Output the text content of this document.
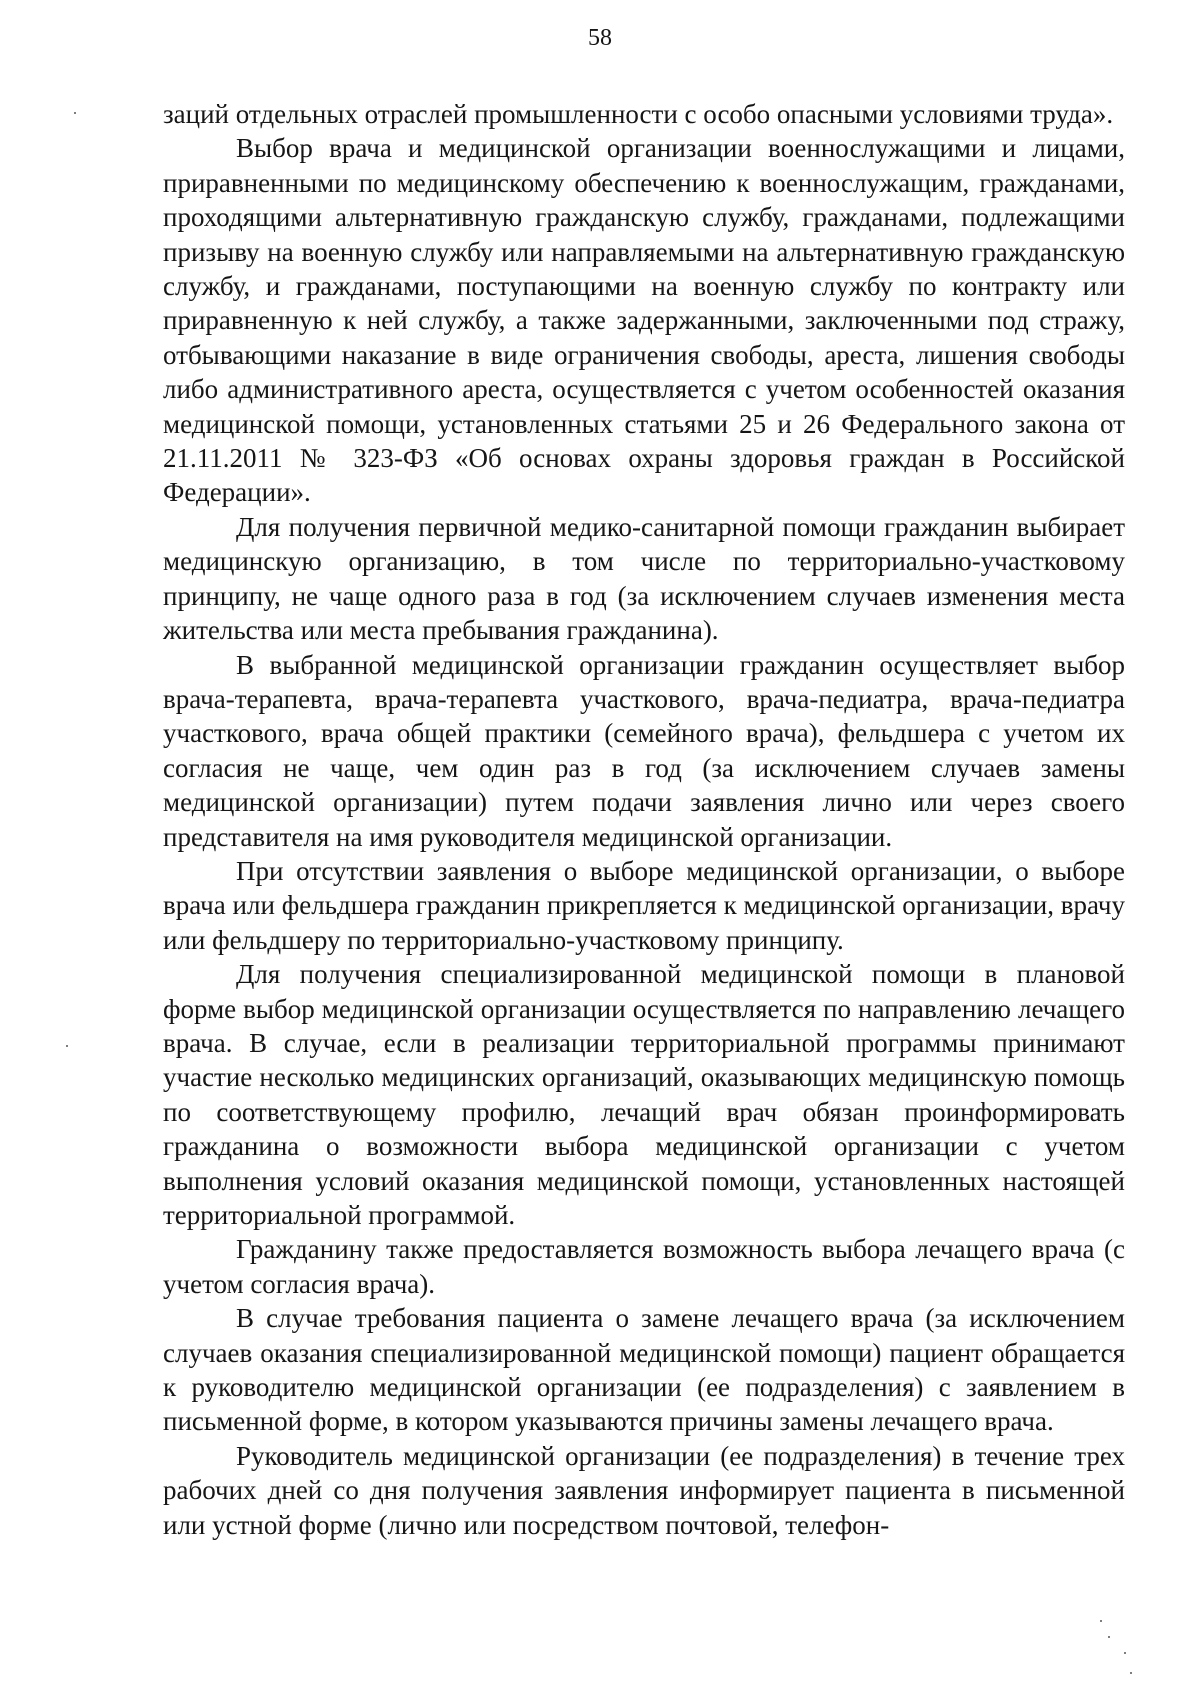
58

заций отдельных отраслей промышленности с особо опасными условиями труда».

Выбор врача и медицинской организации военнослужащими и лицами, приравненными по медицинскому обеспечению к военнослужащим, гражданами, проходящими альтернативную гражданскую службу, гражданами, подлежащими призыву на военную службу или направляемыми на альтернативную гражданскую службу, и гражданами, поступающими на военную службу по контракту или приравненную к ней службу, а также задержанными, заключенными под стражу, отбывающими наказание в виде ограничения свободы, ареста, лишения свободы либо административного ареста, осуществляется с учетом особенностей оказания медицинской помощи, установленных статьями 25 и 26 Федерального закона от 21.11.2011 № 323-ФЗ «Об основах охраны здоровья граждан в Российской Федерации».

Для получения первичной медико-санитарной помощи гражданин выбирает медицинскую организацию, в том числе по территориально-участковому принципу, не чаще одного раза в год (за исключением случаев изменения места жительства или места пребывания гражданина).

В выбранной медицинской организации гражданин осуществляет выбор врача-терапевта, врача-терапевта участкового, врача-педиатра, врача-педиатра участкового, врача общей практики (семейного врача), фельдшера с учетом их согласия не чаще, чем один раз в год (за исключением случаев замены медицинской организации) путем подачи заявления лично или через своего представителя на имя руководителя медицинской организации.

При отсутствии заявления о выборе медицинской организации, о выборе врача или фельдшера гражданин прикрепляется к медицинской организации, врачу или фельдшеру по территориально-участковому принципу.

Для получения специализированной медицинской помощи в плановой форме выбор медицинской организации осуществляется по направлению лечащего врача. В случае, если в реализации территориальной программы принимают участие несколько медицинских организаций, оказывающих медицинскую помощь по соответствующему профилю, лечащий врач обязан проинформировать гражданина о возможности выбора медицинской организации с учетом выполнения условий оказания медицинской помощи, установленных настоящей территориальной программой.

Гражданину также предоставляется возможность выбора лечащего врача (с учетом согласия врача).

В случае требования пациента о замене лечащего врача (за исключением случаев оказания специализированной медицинской помощи) пациент обращается к руководителю медицинской организации (ее подразделения) с заявлением в письменной форме, в котором указываются причины замены лечащего врача.

Руководитель медицинской организации (ее подразделения) в течение трех рабочих дней со дня получения заявления информирует пациента в письменной или устной форме (лично или посредством почтовой, телефон-
